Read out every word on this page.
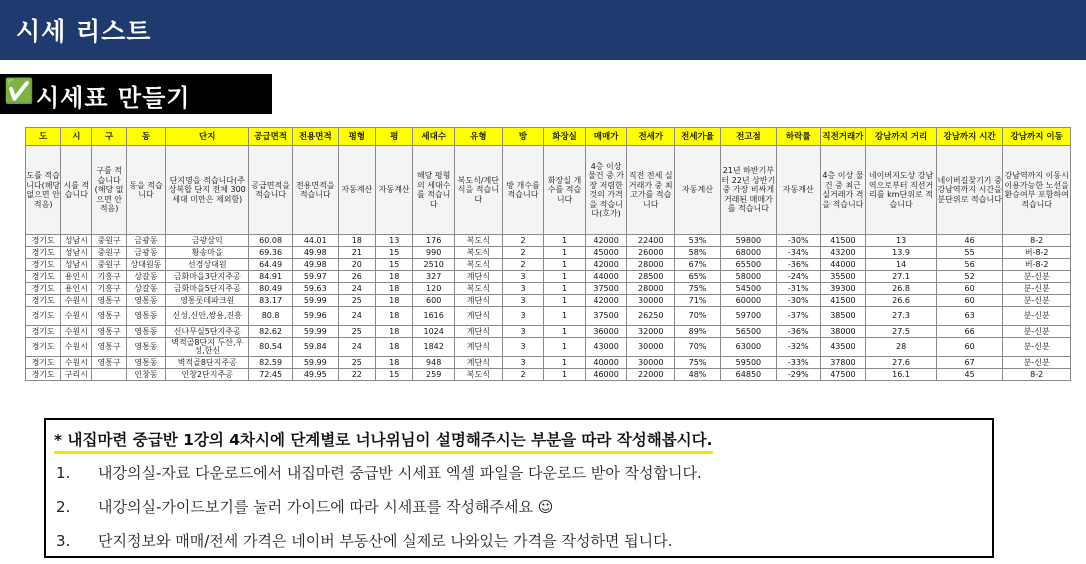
시세 리스트
✅ 시세표 만들기
도	시	구	동	단지	공급면적	전용면적	평형	평	세대수	유형	방	화장실	매매가	전세가	전세가율	전고점	하락률	직전거래가	강남까지 거리	강남까지 시간	강남까지 이동
도를 적습니다(해당 없으면 안 적음)	시를 적습니다	구를 적습니다(해당 없으면 안 적음)	동을 적습니다	단지명을 적습니다(주상복합 단지 전체 300세대 미만은 제외함)	공급면적을 적습니다	전용면적을 적습니다	자동계산	자동계산	해당 평형의 세대수를 적습니다	복도식/계단식을 적습니다	방 개수를 적습니다	화장실 개수를 적습니다	4층 이상 물건 중 가장 저렴한 것의 가격을 적습니다(호가)	직전 전세 실거래가 중 최고가를 적습니다	자동계산	21년 하반기부터 22년 상반기 중 가장 비싸게 거래된 매매가를 적습니다	자동계산	4층 이상 물건 중 최근 실거래가 격을 적습니다	네이버지도상 강남역으로부터 직선거리를 km단위로 적습니다	네이버길찾기기 중 강남역까지 시간을 분단위로 적습니다	강남역까지 이동시 이용가능한 노선을 환승여부 포함하여 적습니다
경기도	성남시	중원구	금광동	금광삼익	60.08	44.01	18	13	176	복도식	2	1	42000	22400	53%	59800	-30%	41500	13	46	8-2
경기도	성남시	중원구	금광동	황송마을	69.36	49.98	21	15	990	복도식	2	1	45000	26000	58%	68000	-34%	43200	13.9	55	버-8-2
경기도	성남시	중원구	상대원동	선경상대원	64.49	49.98	20	15	2510	복도식	2	1	42000	28000	67%	65500	-36%	44000	14	56	버-8-2
경기도	용인시	기흥구	상갈동	금화마을3단지주공	84.91	59.97	26	18	327	계단식	3	1	44000	28500	65%	58000	-24%	35500	27.1	52	분-신분
경기도	용인시	기흥구	상갈동	금화마을5단지주공	80.49	59.63	24	18	120	복도식	3	1	37500	28000	75%	54500	-31%	39300	26.8	60	분-신분
경기도	수원시	영통구	영통동	영통롯데파크원	83.17	59.99	25	18	600	계단식	3	1	42000	30000	71%	60000	-30%	41500	26.6	60	분-신분
경기도	수원시	영통구	영통동	신성,신안,쌍용,진흥	80.8	59.96	24	18	1616	계단식	3	1	37500	26250	70%	59700	-37%	38500	27.3	63	분-신분
경기도	수원시	영통구	영통동	신나무실5단지주공	82.62	59.99	25	18	1024	계단식	3	1	36000	32000	89%	56500	-36%	38000	27.5	66	분-신분
경기도	수원시	영통구	영통동	벽적골8단지 두산,우성,한신	80.54	59.84	24	18	1842	계단식	3	1	43000	30000	70%	63000	-32%	43500	28	60	분-신분
경기도	수원시	영통구	영통동	벽적골8단지주공	82.59	59.99	25	18	948	계단식	3	1	40000	30000	75%	59500	-33%	37800	27.6	67	분-신분
경기도	구리시		인창동	인창2단지주공	72.45	49.95	22	15	259	복도식	2	1	46000	22000	48%	64850	-29%	47500	16.1	45	8-2
* 내집마련 중급반 1강의 4차시에 단계별로 너나위님이 설명해주시는 부분을 따라 작성해봅시다.
1. 내강의실-자료 다운로드에서 내집마련 중급반 시세표 엑셀 파일을 다운로드 받아 작성합니다.
2. 내강의실-가이드보기를 눌러 가이드에 따라 시세표를 작성해주세요 ☺
3. 단지정보와 매매/전세 가격은 네이버 부동산에 실제로 나와있는 가격을 작성하면 됩니다.
